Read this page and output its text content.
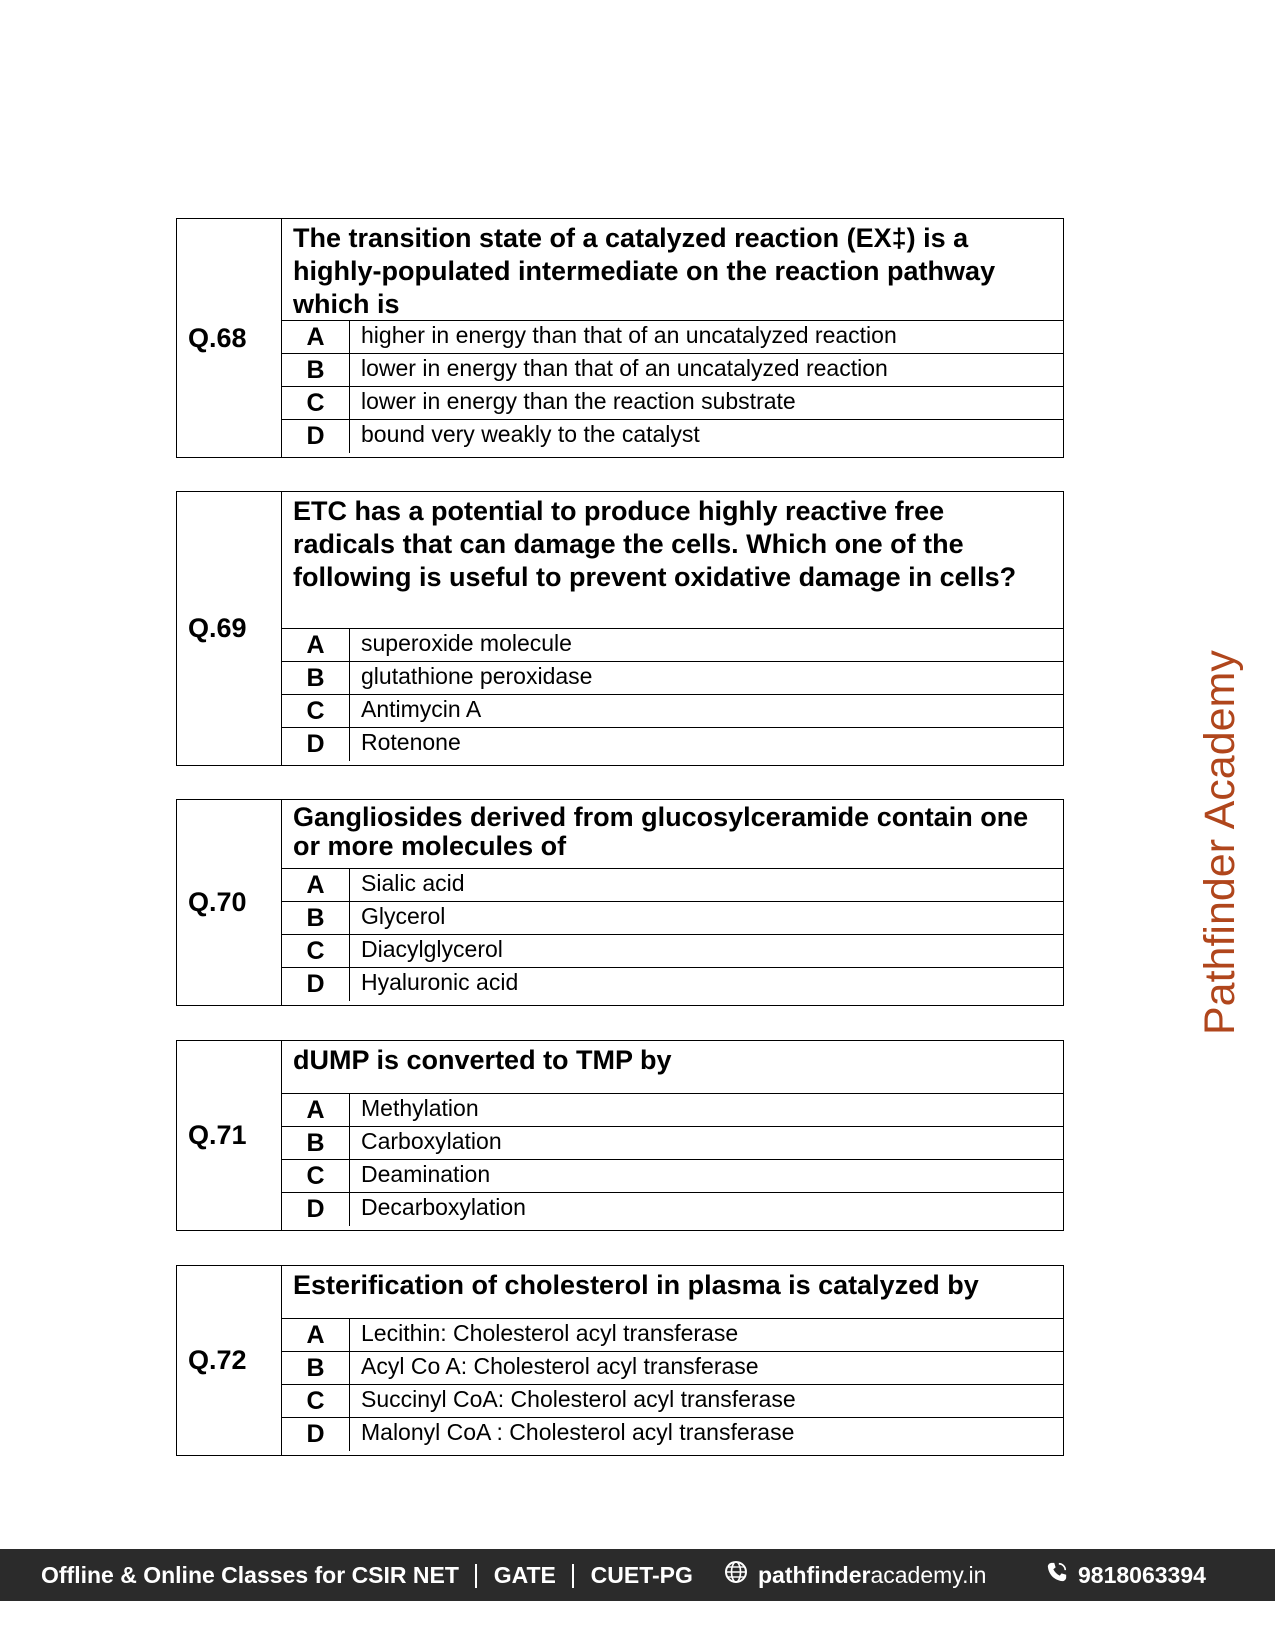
Q.68
The transition state of a catalyzed reaction (EX‡) is a highly-populated intermediate on the reaction pathway which is
A	higher in energy than that of an uncatalyzed reaction
B	lower in energy than that of an uncatalyzed reaction
C	lower in energy than the reaction substrate
D	bound very weakly to the catalyst
Q.69
ETC has a potential to produce highly reactive free radicals that can damage the cells. Which one of the following is useful to prevent oxidative damage in cells?
A	superoxide molecule
B	glutathione peroxidase
C	Antimycin A
D	Rotenone
Q.70
Gangliosides derived from glucosylceramide contain one or more molecules of
A	Sialic acid
B	Glycerol
C	Diacylglycerol
D	Hyaluronic acid
Q.71
dUMP is converted to TMP by
A	Methylation
B	Carboxylation
C	Deamination
D	Decarboxylation
Q.72
Esterification of cholesterol in plasma is catalyzed by
A	Lecithin: Cholesterol acyl transferase
B	Acyl Co A: Cholesterol acyl transferase
C	Succinyl CoA: Cholesterol acyl transferase
D	Malonyl CoA : Cholesterol acyl transferase
Pathfinder Academy
Offline & Online Classes for CSIR NET GATE CUET-PG	pathfinder academy.in	9818063394
